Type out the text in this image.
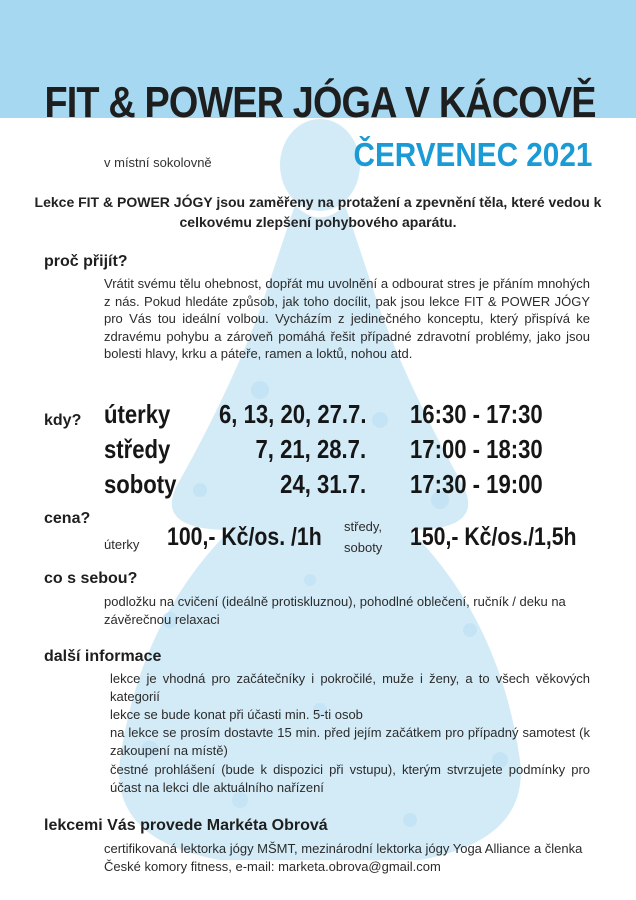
FIT & POWER JÓGA V KÁCOVĚ
ČERVENEC 2021
v místní sokolovně
Lekce FIT & POWER JÓGY jsou zaměřeny na protažení a zpevnění těla, které vedou k celkovému zlepšení pohybového aparátu.
proč přijít?
Vrátit svému tělu ohebnost, dopřát mu uvolnění a odbourat stres je přáním mnohých z nás. Pokud hledáte způsob, jak toho docílit, pak jsou lekce FIT & POWER JÓGY pro Vás tou ideální volbou. Vycházím z jedinečného konceptu, který přispívá ke zdravému pohybu a zároveň pomáhá řešit případné zdravotní problémy, jako jsou bolesti hlavy, krku a páteře, ramen a loktů, nohou atd.
kdy? úterky 6, 13, 20, 27.7. 16:30 - 17:30
středy	7, 21, 28.7. 17:00 - 18:30
soboty	24, 31.7. 17:30 - 19:00
cena?
úterky 100,- Kč/os. /1h středy,
soboty 150,- Kč/os./1,5h
co s sebou?
podložku na cvičení (ideálně protiskluznou), pohodlné oblečení, ručník / deku na závěrečnou relaxaci
další informace
lekce je vhodná pro začátečníky i pokročilé, muže i ženy, a to všech věkových kategorií
lekce se bude konat při účasti min. 5-ti osob
na lekce se prosím dostavte 15 min. před jejím začátkem pro případný samotest (k zakoupení na místě)
čestné prohlášení (bude k dispozici při vstupu), kterým stvrzujete podmínky pro účast na lekci dle aktuálního nařízení
lekcemi Vás provede Markéta Obrová
certifikovaná lektorka jógy MŠMT, mezinárodní lektorka jógy Yoga Alliance a členka České komory fitness, e-mail: marketa.obrova@gmail.com
